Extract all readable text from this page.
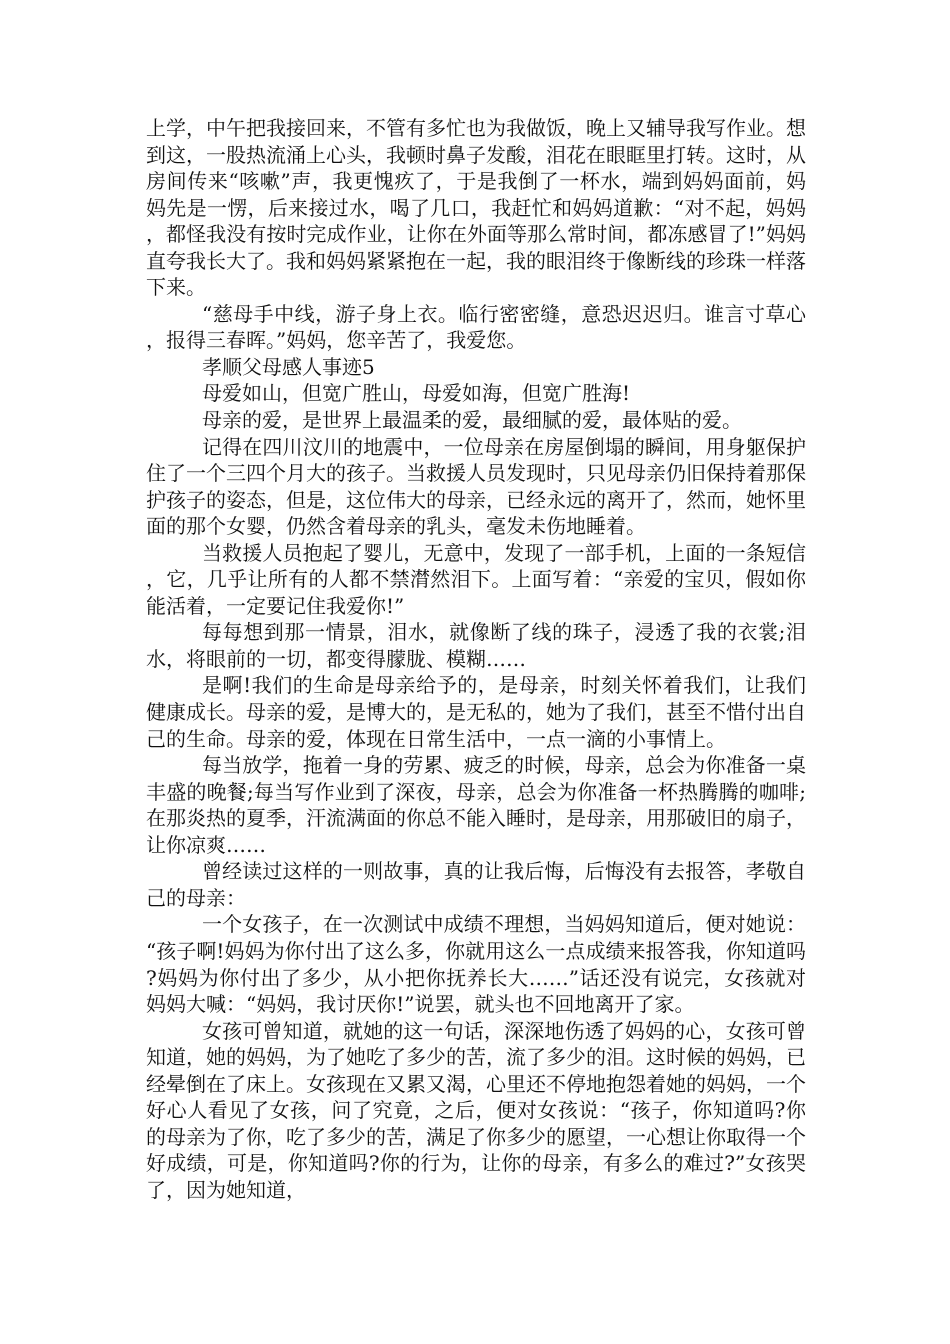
上学，中午把我接回来，不管有多忙也为我做饭，晚上又辅导我写作业。想到这，一股热流涌上心头，我顿时鼻子发酸，泪花在眼眶里打转。这时，从房间传来“咳嗽”声，我更愧疚了，于是我倒了一杯水，端到妈妈面前，妈妈先是一愣，后来接过水，喝了几口，我赶忙和妈妈道歉：“对不起，妈妈，都怪我没有按时完成作业，让你在外面等那么常时间，都冻感冒了!”妈妈直夸我长大了。我和妈妈紧紧抱在一起，我的眼泪终于像断线的珍珠一样落下来。

“慈母手中线，游子身上衣。临行密密缝，意恐迟迟归。谁言寸草心，报得三春晖。”妈妈，您辛苦了，我爱您。

孝顺父母感人事迹5

母爱如山，但宽广胜山，母爱如海，但宽广胜海!

母亲的爱，是世界上最温柔的爱，最细腻的爱，最体贴的爱。

记得在四川汶川的地震中，一位母亲在房屋倒塌的瞬间，用身躯保护住了一个三四个月大的孩子。当救援人员发现时，只见母亲仍旧保持着那保护孩子的姿态，但是，这位伟大的母亲，已经永远的离开了，然而，她怀里面的那个女婴，仍然含着母亲的乳头，毫发未伤地睡着。

当救援人员抱起了婴儿，无意中，发现了一部手机，上面的一条短信，它，几乎让所有的人都不禁潸然泪下。上面写着：“亲爱的宝贝，假如你能活着，一定要记住我爱你!”

每每想到那一情景，泪水，就像断了线的珠子，浸透了我的衣裳;泪水，将眼前的一切，都变得朦胧、模糊……

是啊!我们的生命是母亲给予的，是母亲，时刻关怀着我们，让我们健康成长。母亲的爱，是博大的，是无私的，她为了我们，甚至不惜付出自己的生命。母亲的爱，体现在日常生活中，一点一滴的小事情上。

每当放学，拖着一身的劳累、疲乏的时候，母亲，总会为你准备一桌丰盛的晚餐;每当写作业到了深夜，母亲，总会为你准备一杯热腾腾的咖啡;在那炎热的夏季，汗流满面的你总不能入睡时，是母亲，用那破旧的扇子，让你凉爽……

曾经读过这样的一则故事，真的让我后悔，后悔没有去报答，孝敬自己的母亲：

一个女孩子，在一次测试中成绩不理想，当妈妈知道后，便对她说：“孩子啊!妈妈为你付出了这么多，你就用这么一点成绩来报答我，你知道吗?妈妈为你付出了多少，从小把你抚养长大……”话还没有说完，女孩就对妈妈大喊：“妈妈，我讨厌你!”说罢，就头也不回地离开了家。

女孩可曾知道，就她的这一句话，深深地伤透了妈妈的心，女孩可曾知道，她的妈妈，为了她吃了多少的苦，流了多少的泪。这时候的妈妈，已经晕倒在了床上。女孩现在又累又渴，心里还不停地抱怨着她的妈妈，一个好心人看见了女孩，问了究竟，之后，便对女孩说：“孩子，你知道吗?你的母亲为了你，吃了多少的苦，满足了你多少的愿望，一心想让你取得一个好成绩，可是，你知道吗?你的行为，让你的母亲，有多么的难过?”女孩哭了，因为她知道，
